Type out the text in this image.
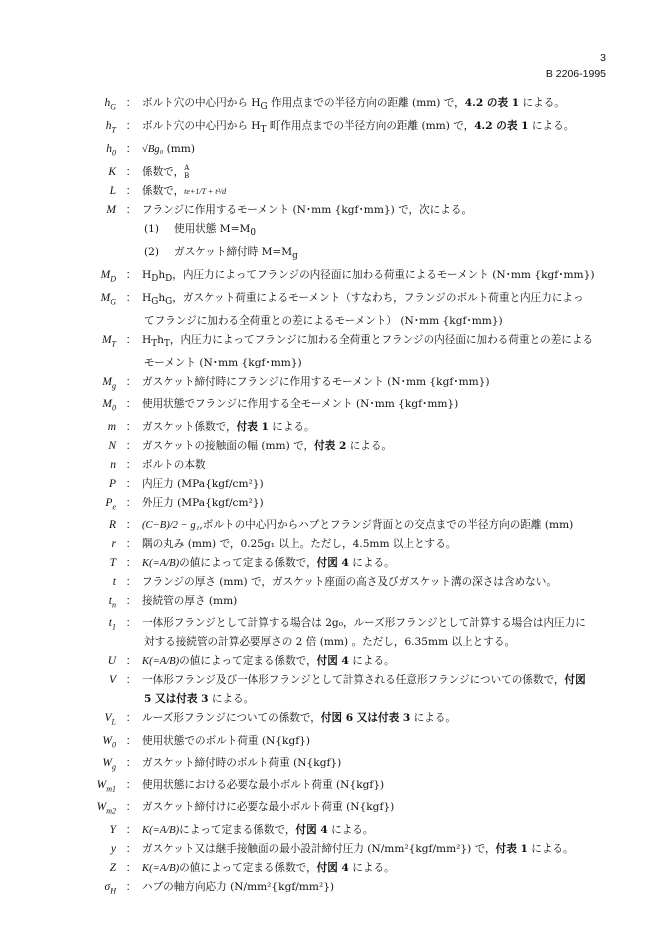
3
B 2206-1995
$h_G$ ： ボルト穴の中心円から $H_G$ 作用点までの半径方向の距離 (mm) で，4.2 の表 1 による。
$h_T$ ： ボルト穴の中心円から $H_T$ 町作用点までの半径方向の距離 (mm) で，4.2 の表 1 による。
$h_0$ ： √Bg₀ (mm)
K ： 係数で， A
B
L ： 係数で，te+1/T + t³/d
M ： フランジに作用するモーメント (N･mm {kgf･mm}) で，次による。
(1) 使用状態 $M=M_0$
(2) ガスケット締付時 $M=M_g$
$M_D$ ： $H_Dh_D$，内圧力によってフランジの内径面に加わる荷重によるモーメント (N･mm {kgf･mm})
$M_G$ ： $H_Gh_G$，ガスケット荷重によるモーメント（すなわち，フランジのボルト荷重と内圧力によっ
てフランジに加わる全荷重との差によるモーメント） (N･mm {kgf･mm})
$M_T$ ： $H_Th_T$，内圧力によってフランジに加わる全荷重とフランジの内径面に加わる荷重との差による
モーメント (N･mm {kgf･mm})
$M_g$ ： ガスケット締付時にフランジに作用するモーメント (N･mm {kgf･mm})
$M_0$ ： 使用状態でフランジに作用する全モーメント (N･mm {kgf･mm})
m ： ガスケット係数で，付表 1 による。
N ： ガスケットの接触面の幅 (mm) で，付表 2 による。
n ： ボルトの本数
P ： 内圧力 (MPa{kgf/cm²})
$P_e$ ： 外圧力 (MPa{kgf/cm²})
R ： (C−B)/2 − g₁,ボルトの中心円からハブとフランジ背面との交点までの半径方向の距離 (mm)
r ： 隅の丸み (mm) で，0.25g₁ 以上。ただし，4.5mm 以上とする。
T ： K(=A/B)の値によって定まる係数で，付図 4 による。
t ： フランジの厚さ (mm) で，ガスケット座面の高さ及びガスケット溝の深さは含めない。
$t_n$ ： 接続管の厚さ (mm)
$t_1$ ： 一体形フランジとして計算する場合は 2g₀，ルーズ形フランジとして計算する場合は内圧力に
対する接続管の計算必要厚さの 2 倍 (mm) 。ただし，6.35mm 以上とする。
U ： K(=A/B)の値によって定まる係数で，付図 4 による。
V ： 一体形フランジ及び一体形フランジとして計算される任意形フランジについての係数で，付図
5 又は付表 3 による。
$V_L$ ： ルーズ形フランジについての係数で，付図 6 又は付表 3 による。
$W_0$ ： 使用状態でのボルト荷重 (N{kgf})
$W_g$ ： ガスケット締付時のボルト荷重 (N{kgf})
$W_{m1}$ ： 使用状態における必要な最小ボルト荷重 (N{kgf})
$W_{m2}$ ： ガスケット締付けに必要な最小ボルト荷重 (N{kgf})
Y ： K(=A/B)によって定まる係数で，付図 4 による。
y ： ガスケット又は継手接触面の最小設計締付圧力 (N/mm²{kgf/mm²}) で，付表 1 による。
Z ： K(=A/B)の値によって定まる係数で，付図 4 による。
$\sigma_H$ ： ハブの軸方向応力 (N/mm²{kgf/mm²})
